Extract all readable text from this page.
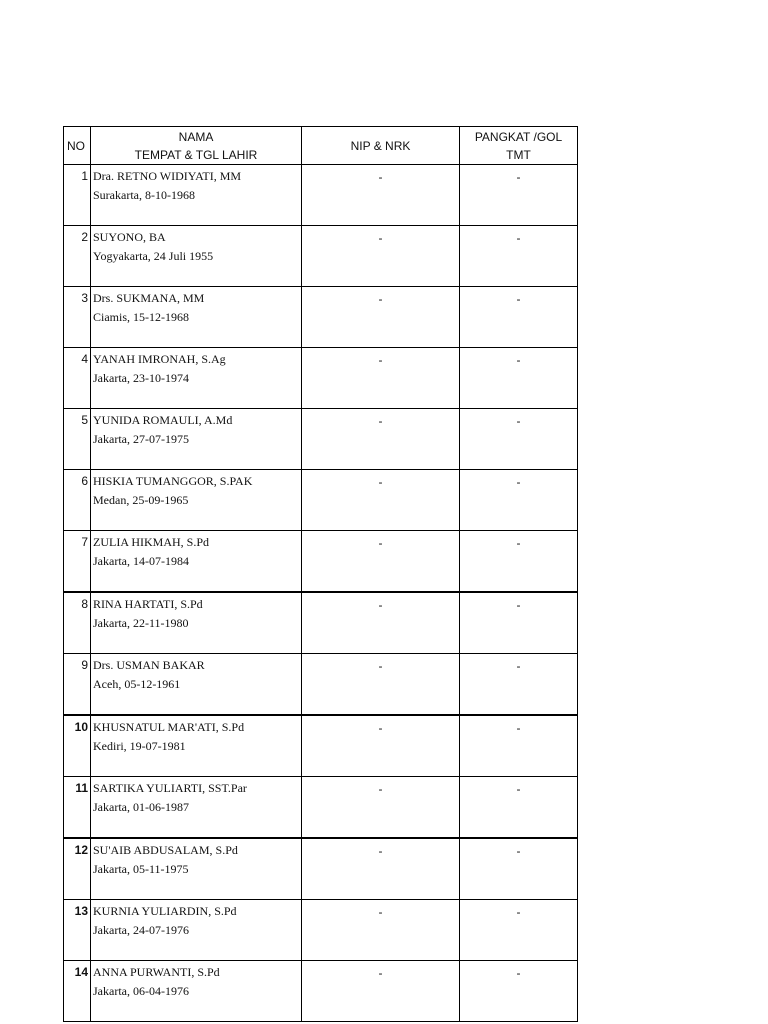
NO	NAMA
TEMPAT & TGL LAHIR	NIP & NRK	PANGKAT /GOL
TMT

1	Dra. RETNO WIDIYATI, MM
Surakarta, 8-10-1968	-	-
2	SUYONO, BA
Yogyakarta, 24 Juli 1955	-	-
3	Drs. SUKMANA, MM
Ciamis, 15-12-1968	-	-
4	YANAH IMRONAH, S.Ag
Jakarta, 23-10-1974	-	-
5	YUNIDA ROMAULI, A.Md
Jakarta, 27-07-1975	-	-
6	HISKIA TUMANGGOR, S.PAK
Medan, 25-09-1965	-	-
7	ZULIA HIKMAH, S.Pd
Jakarta, 14-07-1984	-	-
8	RINA HARTATI, S.Pd
Jakarta, 22-11-1980	-	-
9	Drs. USMAN BAKAR
Aceh, 05-12-1961	-	-
10	KHUSNATUL MAR'ATI, S.Pd
Kediri, 19-07-1981	-	-
11	SARTIKA YULIARTI, SST.Par
Jakarta, 01-06-1987	-	-
12	SU'AIB ABDUSALAM, S.Pd
Jakarta, 05-11-1975	-	-
13	KURNIA YULIARDIN, S.Pd
Jakarta, 24-07-1976	-	-
14	ANNA PURWANTI, S.Pd
Jakarta, 06-04-1976	-	-
